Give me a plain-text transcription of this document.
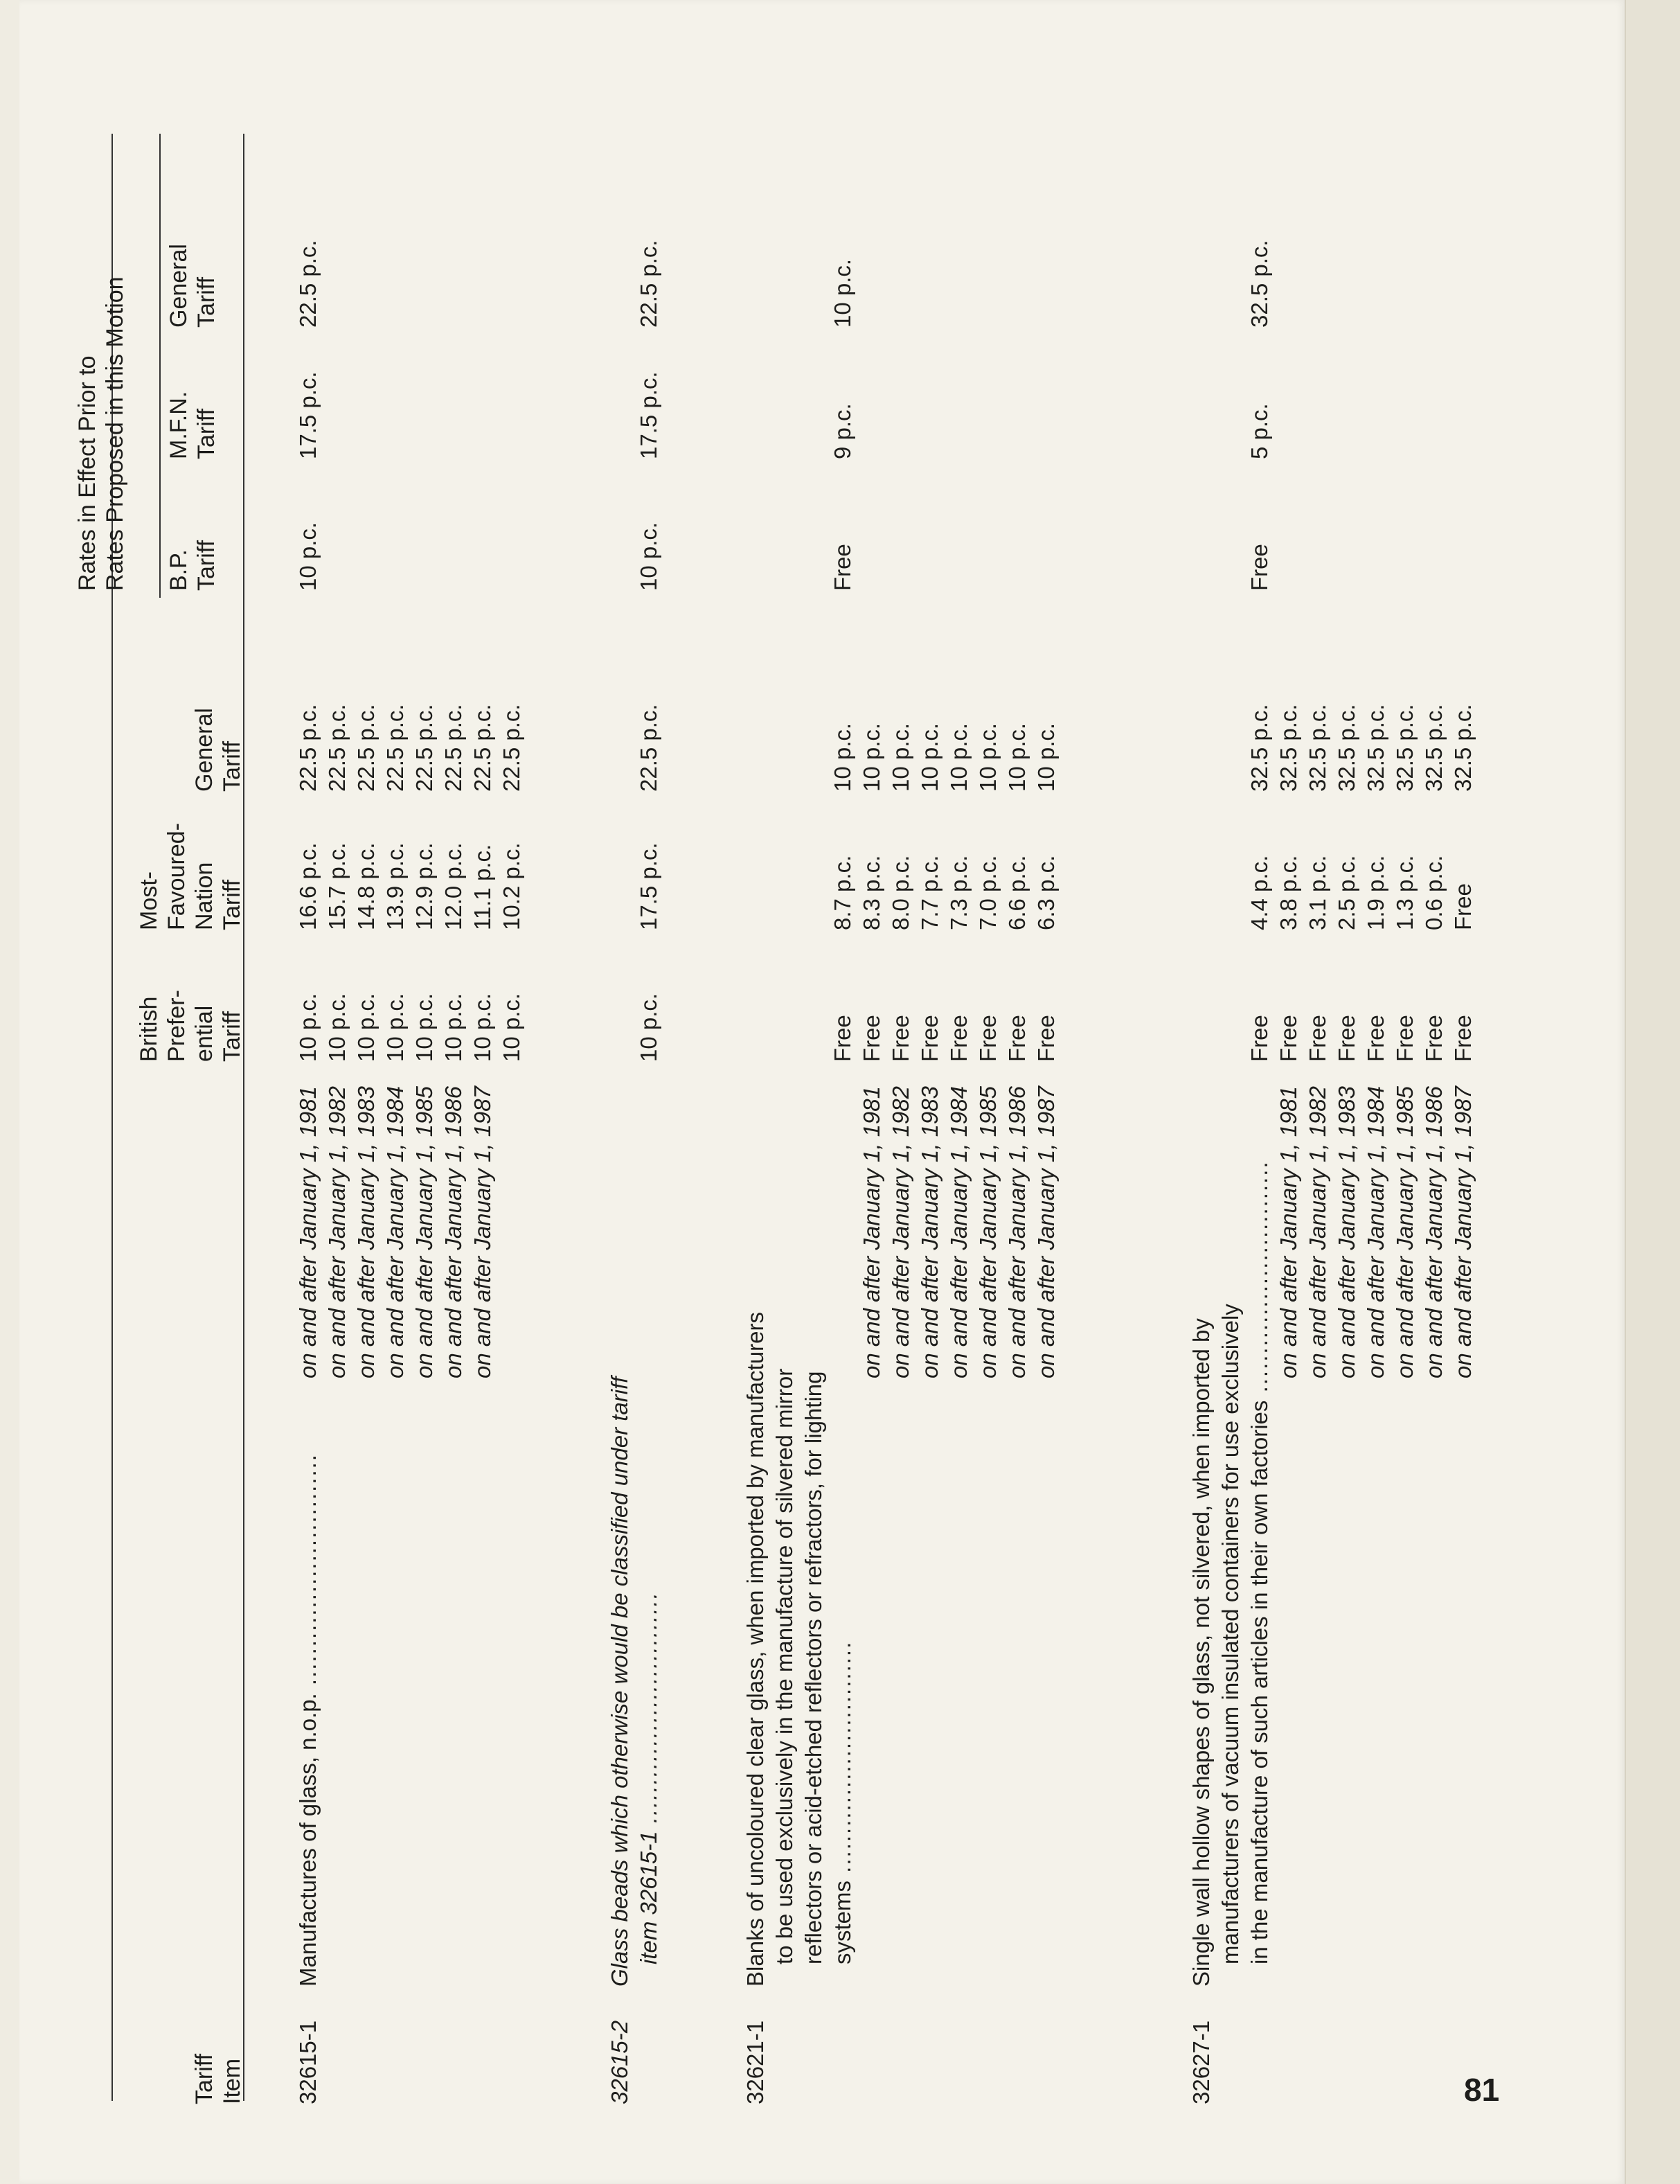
Tariff Item
British Prefer- ential Tariff
Most- Favoured- Nation Tariff
General Tariff
Rates in Effect Prior to Rates Proposed in this Motion B.P. Tariff
M.F.N. Tariff
General Tariff
32615-1
Manufactures of glass, n.o.p. ..............................
on and after January 1, 1981
10 p.c.
16.6 p.c.
22.5 p.c.
on and after January 1, 1982
10 p.c.
15.7 p.c.
22.5 p.c.
on and after January 1, 1983
10 p.c.
14.8 p.c.
22.5 p.c.
on and after January 1, 1984
10 p.c.
13.9 p.c.
22.5 p.c.
on and after January 1, 1985
10 p.c.
12.9 p.c.
22.5 p.c.
on and after January 1, 1986
10 p.c.
12.0 p.c.
22.5 p.c.
on and after January 1, 1987
10 p.c.
11.1 p.c.
22.5 p.c.
10 p.c.
10.2 p.c.
22.5 p.c.
10 p.c.
17.5 p.c.
22.5 p.c.
32615-2
Glass beads which otherwise would be classified under tariff item 32615-1 ..............................
10 p.c.
17.5 p.c.
22.5 p.c.
10 p.c.
17.5 p.c.
22.5 p.c.
32621-1
Blanks of uncoloured clear glass, when imported by manufacturers to be used exclusively in the manufacture of silvered mirror reflectors or acid-etched reflectors or refractors, for lighting systems ..............................
Free
8.7 p.c.
10 p.c.
on and after January 1, 1981
Free
8.3 p.c.
10 p.c.
on and after January 1, 1982
Free
8.0 p.c.
10 p.c.
on and after January 1, 1983
Free
7.7 p.c.
10 p.c.
on and after January 1, 1984
Free
7.3 p.c.
10 p.c.
on and after January 1, 1985
Free
7.0 p.c.
10 p.c.
on and after January 1, 1986
Free
6.6 p.c.
10 p.c.
on and after January 1, 1987
Free
6.3 p.c.
10 p.c.
Free
9 p.c.
10 p.c.
32627-1
Single wall hollow shapes of glass, not silvered, when imported by manufacturers of vacuum insulated containers for use exclusively in the manufacture of such articles in their own factories ..............................
Free
4.4 p.c.
32.5 p.c.
on and after January 1, 1981
Free
3.8 p.c.
32.5 p.c.
on and after January 1, 1982
Free
3.1 p.c.
32.5 p.c.
on and after January 1, 1983
Free
2.5 p.c.
32.5 p.c.
on and after January 1, 1984
Free
1.9 p.c.
32.5 p.c.
on and after January 1, 1985
Free
1.3 p.c.
32.5 p.c.
on and after January 1, 1986
Free
0.6 p.c.
32.5 p.c.
on and after January 1, 1987
Free
Free
32.5 p.c.
Free
5 p.c.
32.5 p.c.
81
